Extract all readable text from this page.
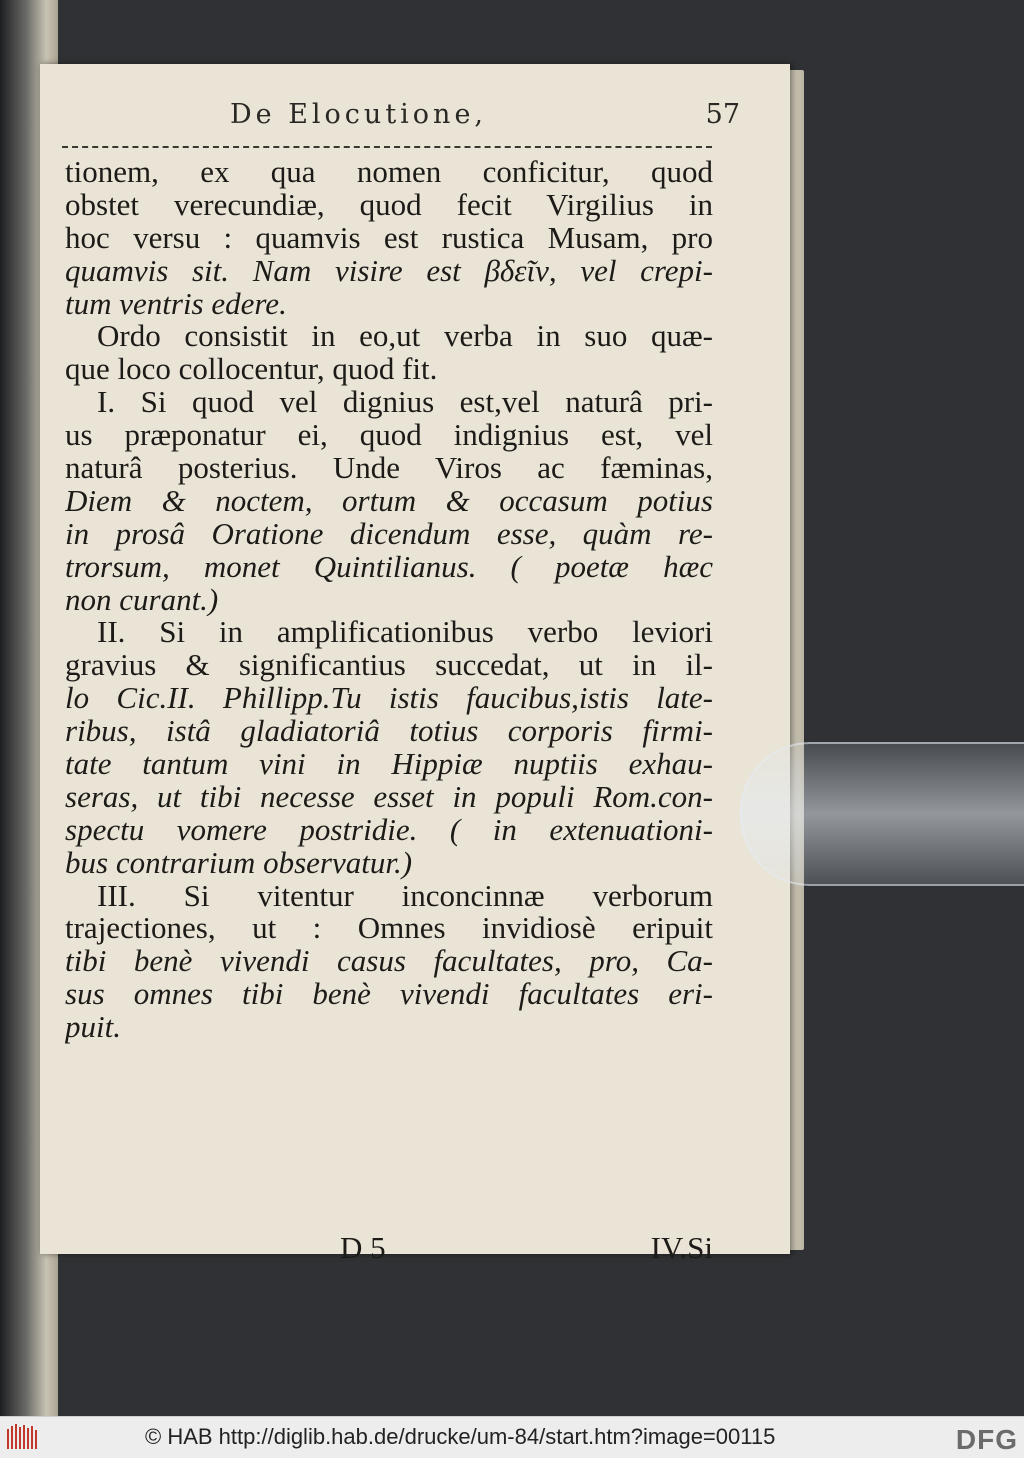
De Elocutione,	57
tionem, ex qua nomen conficitur, quod
obstet verecundiæ, quod fecit Virgilius in
hoc versu : quamvis est rustica Musam, pro
quamvis sit. Nam visire est βδεῖν, vel crepi-
tum ventris edere.
Ordo consistit in eo,ut verba in suo quæ-
que loco collocentur, quod fit.
I. Si quod vel dignius est,vel naturâ pri-
us præponatur ei, quod indignius est, vel
naturâ posterius. Unde Viros ac fæminas,
Diem & noctem, ortum & occasum potius
in prosâ Oratione dicendum esse, quàm re-
trorsum, monet Quintilianus. ( poetæ hæc
non curant.)
II. Si in amplificationibus verbo leviori
gravius & significantius succedat, ut in il-
lo Cic.II. Phillipp.Tu istis faucibus,istis late-
ribus, istâ gladiatoriâ totius corporis firmi-
tate tantum vini in Hippiæ nuptiis exhau-
seras, ut tibi necesse esset in populi Rom.con-
spectu vomere postridie. ( in extenuationi-
bus contrarium observatur.)
III. Si vitentur inconcinnæ verborum
trajectiones, ut : Omnes invidiosè eripuit
tibi benè vivendi casus facultates, pro, Ca-
sus omnes tibi benè vivendi facultates eri-
puit.
D 5	IV.Si
© HAB http://diglib.hab.de/drucke/um-84/start.htm?image=00115	DFG
